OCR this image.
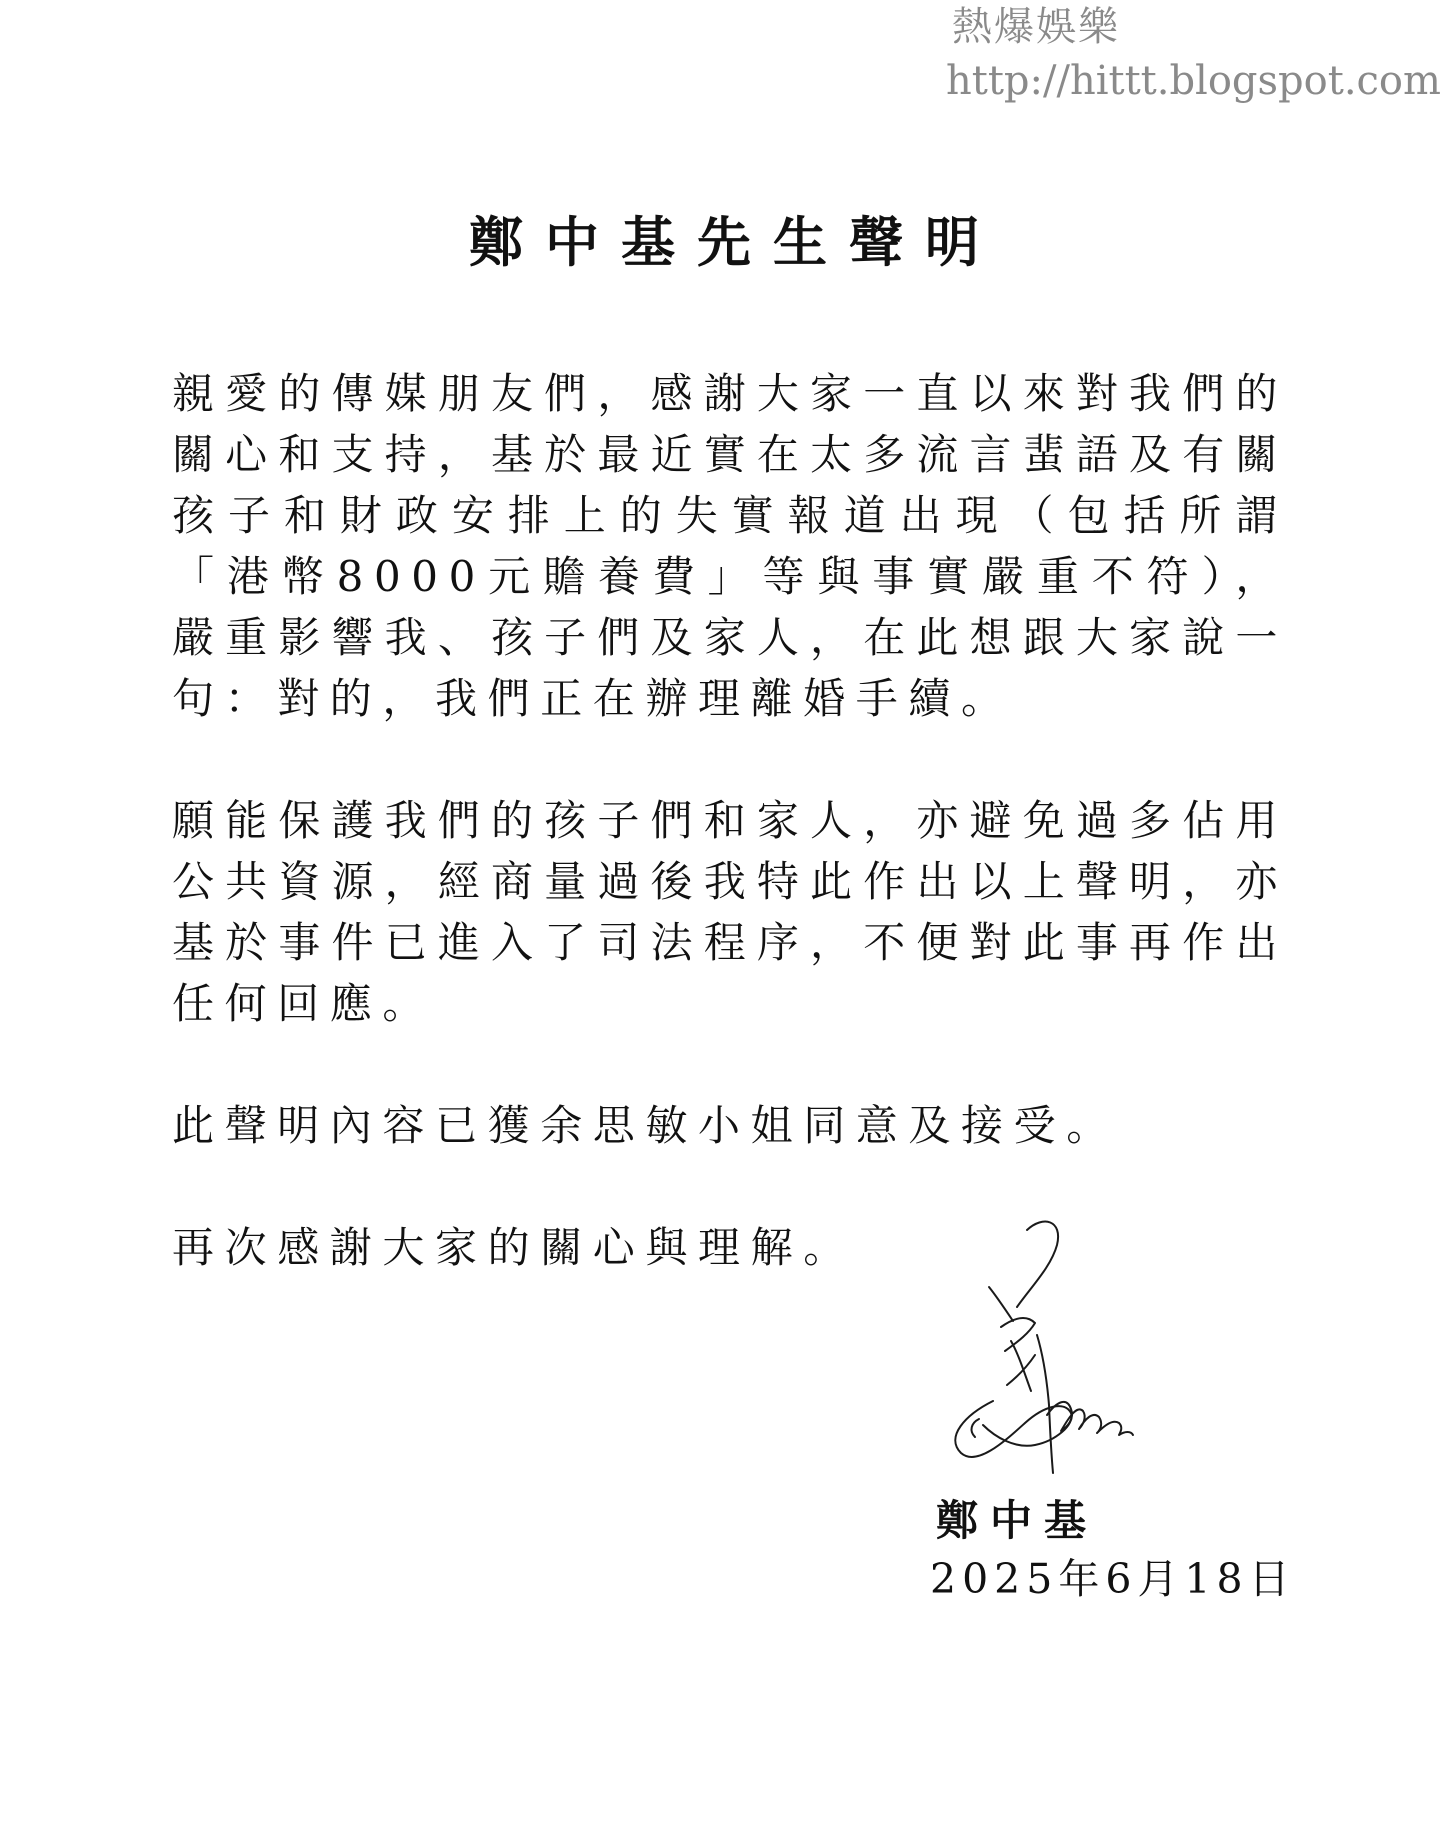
熱爆娛樂
http://hittt.blogspot.com
鄭中基先生聲明

親愛的傳媒朋友們，感謝大家一直以來對我們的關心和支持，基於最近實在太多流言蜚語及有關孩子和財政安排上的失實報道出現（包括所謂「港幣8000元贍養費」等與事實嚴重不符），嚴重影響我、孩子們及家人，在此想跟大家說一句：對的，我們正在辦理離婚手續。

願能保護我們的孩子們和家人，亦避免過多佔用公共資源，經商量過後我特此作出以上聲明，亦基於事件已進入了司法程序，不便對此事再作出任何回應。

此聲明內容已獲余思敏小姐同意及接受。

再次感謝大家的關心與理解。

鄭中基
2025年6月18日
